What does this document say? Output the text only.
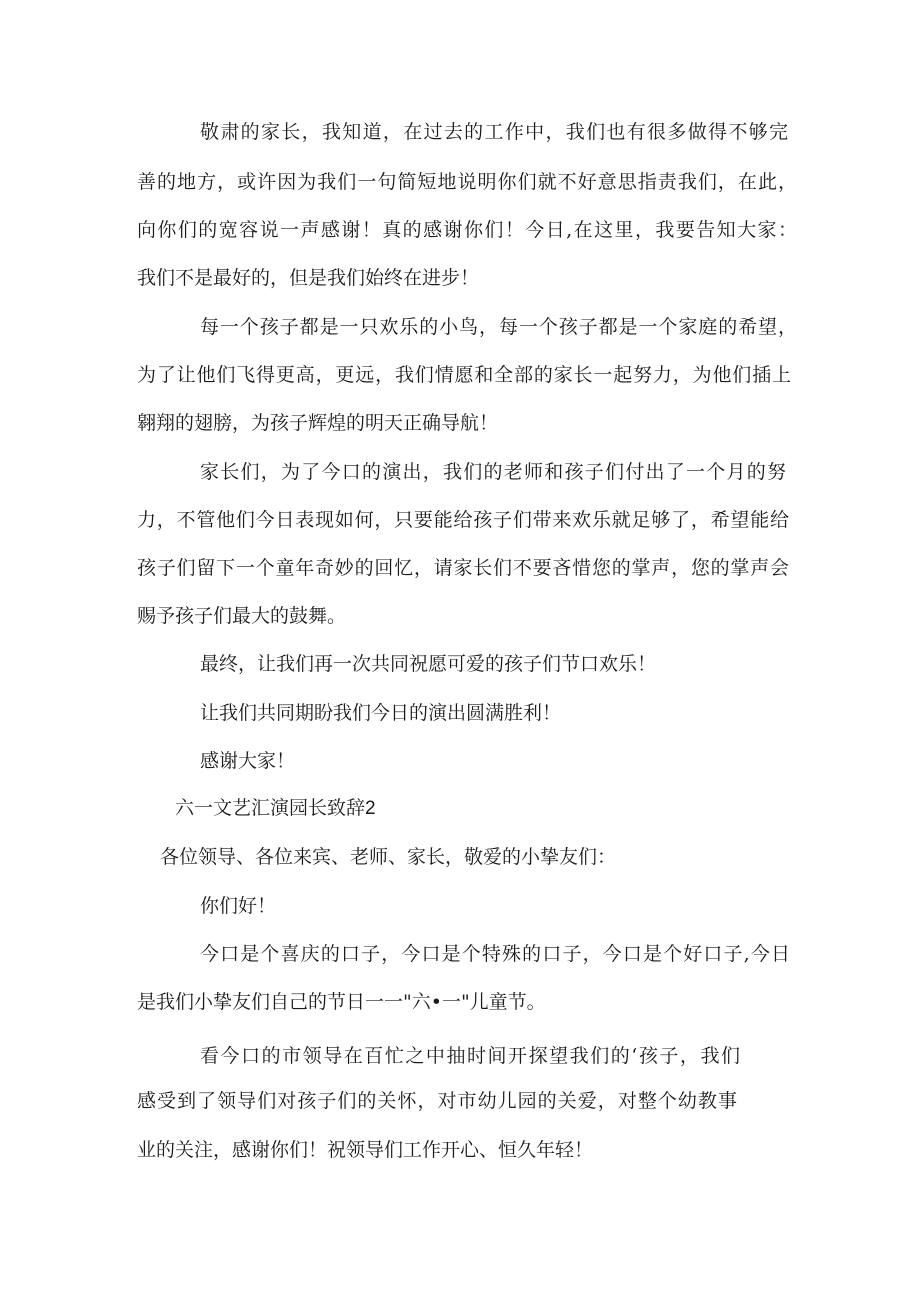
敬肃的家长，我知道，在过去的工作中，我们也有很多做得不够完
善的地方，或许因为我们一句简短地说明你们就不好意思指责我们，在此，
向你们的宽容说一声感谢！真的感谢你们！今日,在这里，我要告知大家：
我们不是最好的，但是我们始终在进步！
每一个孩子都是一只欢乐的小鸟，每一个孩子都是一个家庭的希望，
为了让他们飞得更高，更远，我们情愿和全部的家长一起努力，为他们插上
翱翔的翅膀，为孩子辉煌的明天正确导航！
家长们，为了今口的演出，我们的老师和孩子们付出了一个月的努
力，不管他们今日表现如何，只要能给孩子们带来欢乐就足够了，希望能给
孩子们留下一个童年奇妙的回忆，请家长们不要吝惜您的掌声，您的掌声会
赐予孩子们最大的鼓舞。
最终，让我们再一次共同祝愿可爱的孩子们节口欢乐！
让我们共同期盼我们今日的演出圆满胜利！
感谢大家！
六一文艺汇演园长致辞2
各位领导、各位来宾、老师、家长，敬爱的小挚友们：
你们好！
今口是个喜庆的口子，今口是个特殊的口子，今口是个好口子,今日
是我们小挚友们自己的节日一一"六•一"儿童节。
看今口的市领导在百忙之中抽时间开探望我们的‘孩子，我们
感受到了领导们对孩子们的关怀，对市幼儿园的关爱，对整个幼教事
业的关注，感谢你们！祝领导们工作开心、恒久年轻！
